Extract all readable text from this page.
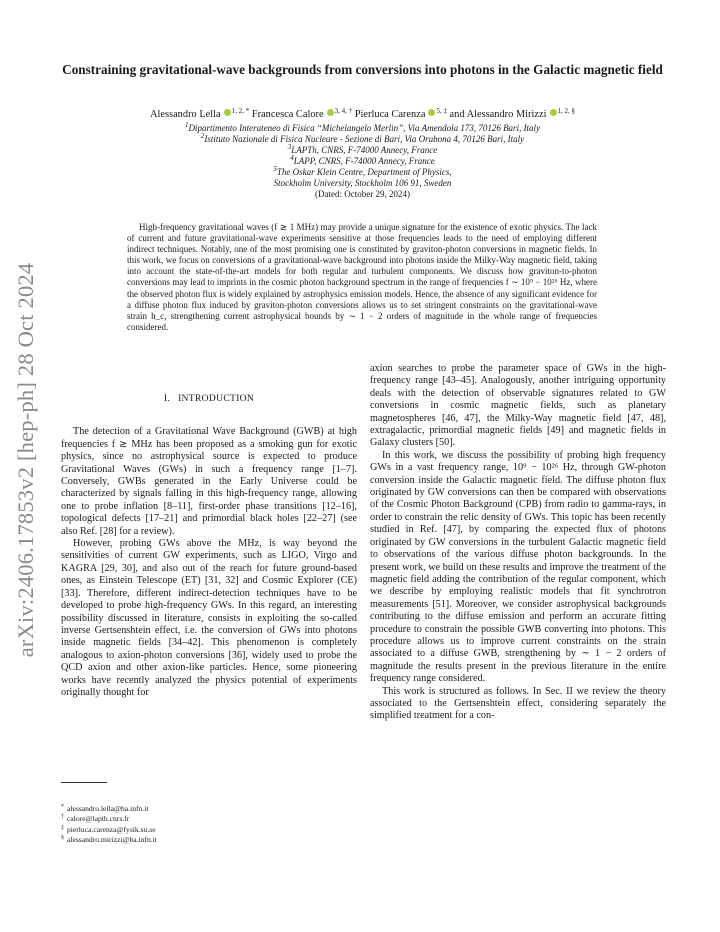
arXiv:2406.17853v2 [hep-ph] 28 Oct 2024
Constraining gravitational-wave backgrounds from conversions into photons in the Galactic magnetic field
Alessandro Lella $^{1, 2, *}$ Francesca Calore $^{3, 4, \dagger}$ Pierluca Carenza $^{5, \ddagger}$ and Alessandro Mirizzi $^{1, 2, \S}$
$^1$Dipartimento Interateneo di Fisica “Michelangelo Merlin”, Via Amendola 173, 70126 Bari, Italy
$^2$Istituto Nazionale di Fisica Nucleare - Sezione di Bari, Via Orabona 4, 70126 Bari, Italy
$^3$LAPTh, CNRS, F-74000 Annecy, France
$^4$LAPP, CNRS, F-74000 Annecy, France
$^5$The Oskar Klein Centre, Department of Physics,
Stockholm University, Stockholm 106 91, Sweden
(Dated: October 29, 2024)
High-frequency gravitational waves (f ≳ 1 MHz) may provide a unique signature for the existence of exotic physics. The lack of current and future gravitational-wave experiments sensitive at those frequencies leads to the need of employing different indirect techniques. Notably, one of the most promising one is constituted by graviton-photon conversions in magnetic fields. In this work, we focus on conversions of a gravitational-wave background into photons inside the Milky-Way magnetic field, taking into account the state-of-the-art models for both regular and turbulent components. We discuss how graviton-to-photon conversions may lead to imprints in the cosmic photon background spectrum in the range of frequencies f ∼ 10⁹ − 10²⁶ Hz, where the observed photon flux is widely explained by astrophysics emission models. Hence, the absence of any significant evidence for a diffuse photon flux induced by graviton-photon conversions allows us to set stringent constraints on the gravitational-wave strain h_c, strengthening current astrophysical bounds by ∼ 1 − 2 orders of magnitude in the whole range of frequencies considered.
I. INTRODUCTION

The detection of a Gravitational Wave Background (GWB) at high frequencies f ≳ MHz has been proposed as a smoking gun for exotic physics, since no astrophysical source is expected to produce Gravitational Waves (GWs) in such a frequency range [1–7]. Conversely, GWBs generated in the Early Universe could be characterized by signals falling in this high-frequency range, allowing one to probe inflation [8–11], first-order phase transitions [12–16], topological defects [17–21] and primordial black holes [22–27] (see also Ref. [28] for a review).

However, probing GWs above the MHz, is way beyond the sensitivities of current GW experiments, such as LIGO, Virgo and KAGRA [29, 30], and also out of the reach for future ground-based ones, as Einstein Telescope (ET) [31, 32] and Cosmic Explorer (CE) [33]. Therefore, different indirect-detection techniques have to be developed to probe high-frequency GWs. In this regard, an interesting possibility discussed in literature, consists in exploiting the so-called inverse Gertsenshtein effect, i.e. the conversion of GWs into photons inside magnetic fields [34–42]. This phenomenon is completely analogous to axion-photon conversions [36], widely used to probe the QCD axion and other axion-like particles. Hence, some pioneering works have recently analyzed the physics potential of experiments originally thought for

axion searches to probe the parameter space of GWs in the high-frequency range [43–45]. Analogously, another intriguing opportunity deals with the detection of observable signatures related to GW conversions in cosmic magnetic fields, such as planetary magnetospheres [46, 47], the Milky-Way magnetic field [47, 48], extragalactic, primordial magnetic fields [49] and magnetic fields in Galaxy clusters [50].

In this work, we discuss the possibility of probing high frequency GWs in a vast frequency range, 10⁹ − 10²⁶ Hz, through GW-photon conversion inside the Galactic magnetic field. The diffuse photon flux originated by GW conversions can then be compared with observations of the Cosmic Photon Background (CPB) from radio to gamma-rays, in order to constrain the relic density of GWs. This topic has been recently studied in Ref. [47], by comparing the expected flux of photons originated by GW conversions in the turbulent Galactic magnetic field to observations of the various diffuse photon backgrounds. In the present work, we build on these results and improve the treatment of the magnetic field adding the contribution of the regular component, which we describe by employing realistic models that fit synchrotron measurements [51]. Moreover, we consider astrophysical backgrounds contributing to the diffuse emission and perform an accurate fitting procedure to constrain the possible GWB converting into photons. This procedure allows us to improve current constraints on the strain associated to a diffuse GWB, strengthening by ∼ 1 − 2 orders of magnitude the results present in the previous literature in the entire frequency range considered.

This work is structured as follows. In Sec. II we review the theory associated to the Gertsenshtein effect, considering separately the simplified treatment for a con-

* alessandro.lella@ba.infn.it
† calore@lapth.cnrs.fr
‡ pierluca.carenza@fysik.su.se
§ alessandro.mirizzi@ba.infn.it
